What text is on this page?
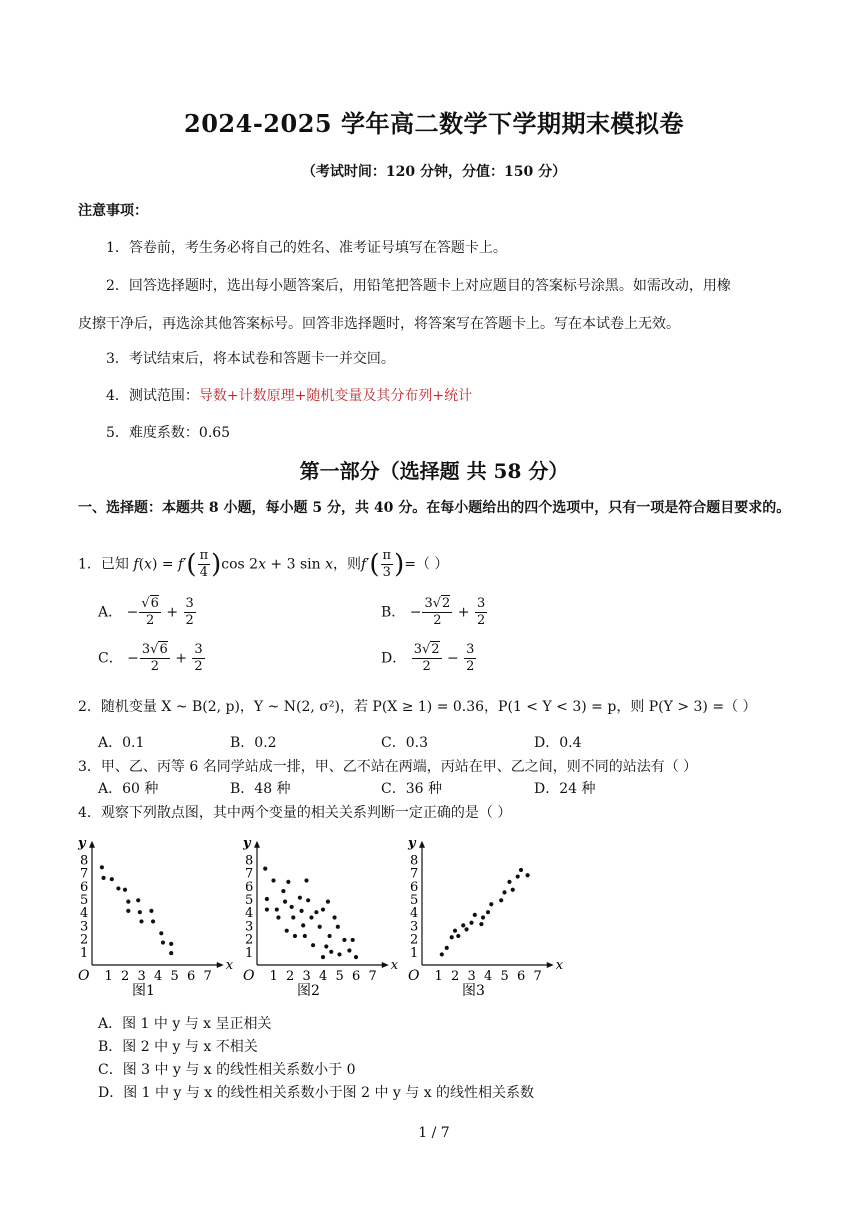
2024-2025 学年高二数学下学期期末模拟卷
（考试时间：120 分钟，分值：150 分）
注意事项：
1．答卷前，考生务必将自己的姓名、准考证号填写在答题卡上。
2．回答选择题时，选出每小题答案后，用铅笔把答题卡上对应题目的答案标号涂黑。如需改动，用橡
皮擦干净后，再选涂其他答案标号。回答非选择题时，将答案写在答题卡上。写在本试卷上无效。
3．考试结束后，将本试卷和答题卡一并交回。
4．测试范围：导数+计数原理+随机变量及其分布列+统计
5．难度系数：0.65
第一部分（选择题 共 58 分）
一、选择题：本题共 8 小题，每小题 5 分，共 40 分。在每小题给出的四个选项中，只有一项是符合题目要求的。
1．已知 $f(x) = f'( \frac{\pi}{4} )\cos$ 2x + 3 sin x，则$f'( \frac{\pi}{3}$ )=（ ）
A． − $\frac{√6}{2} + \frac{3}{2}$	B． − $\frac{3√2}{2} + \frac{3}{2}$
C． − $\frac{3√6}{2} + \frac{3}{2}$	D． $\frac{3√2}{2} - \frac{3}{2}$
2．随机变量 X ~ B(2, p)，Y ~ N(2, σ²)，若 P(X ≥ 1) = 0.36，P(1 < Y < 3) = p，则 P(Y > 3) =（ ）
A．0.1	B．0.2	C．0.3	D．0.4
3．甲、乙、丙等 6 名同学站成一排，甲、乙不站在两端，丙站在甲、乙之间，则不同的站法有（ ）
A．60 种	B．48 种	C．36 种	D．24 种
4．观察下列散点图，其中两个变量的相关关系判断一定正确的是（ ）
x
y
O 1 2 3 4 5 6 7
1
2
3
4
5
6
7
8
图1
x
y
O 1 2 3 4 5 6 7
1
2
3
4
5
6
7
8
图2
x
y
O 1 2 3 4 5 6 7
1
2
3
4
5
6
7
8
图3
A．图 1 中 y 与 x 呈正相关
B．图 2 中 y 与 x 不相关
C．图 3 中 y 与 x 的线性相关系数小于 0
D．图 1 中 y 与 x 的线性相关系数小于图 2 中 y 与 x 的线性相关系数
1 / 7
